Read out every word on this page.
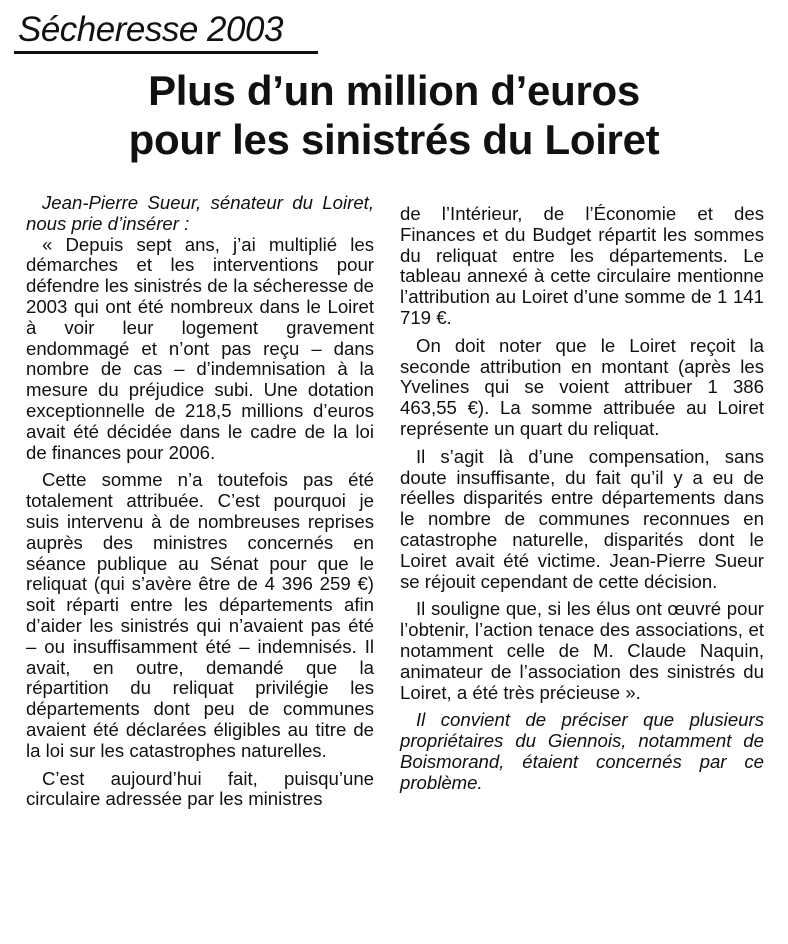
Sécheresse 2003
Plus d’un million d’euros
pour les sinistrés du Loiret

Jean-Pierre Sueur, sénateur du Loiret, nous prie d’insérer :

« Depuis sept ans, j’ai multiplié les démarches et les interventions pour défendre les sinistrés de la sécheresse de 2003 qui ont été nombreux dans le Loiret à voir leur logement gravement endommagé et n’ont pas reçu – dans nombre de cas – d’indemnisation à la mesure du préjudice subi. Une dotation exceptionnelle de 218,5 millions d’euros avait été décidée dans le cadre de la loi de finances pour 2006.

Cette somme n’a toutefois pas été totalement attribuée. C’est pourquoi je suis intervenu à de nombreuses reprises auprès des ministres concernés en séance publique au Sénat pour que le reliquat (qui s’avère être de 4 396 259 €) soit réparti entre les départements afin d’aider les sinistrés qui n’avaient pas été – ou insuffisamment été – indemnisés. Il avait, en outre, demandé que la répartition du reliquat privilégie les départements dont peu de communes avaient été déclarées éligibles au titre de la loi sur les catastrophes naturelles.

C’est aujourd’hui fait, puisqu’une circulaire adressée par les ministres

de l’Intérieur, de l’Économie et des Finances et du Budget répartit les sommes du reliquat entre les départements. Le tableau annexé à cette circulaire mentionne l’attribution au Loiret d’une somme de 1 141 719 €.

On doit noter que le Loiret reçoit la seconde attribution en montant (après les Yvelines qui se voient attribuer 1 386 463,55 €). La somme attribuée au Loiret représente un quart du reliquat.

Il s’agit là d’une compensation, sans doute insuffisante, du fait qu’il y a eu de réelles disparités entre départements dans le nombre de communes reconnues en catastrophe naturelle, disparités dont le Loiret avait été victime. Jean-Pierre Sueur se réjouit cependant de cette décision.

Il souligne que, si les élus ont œuvré pour l’obtenir, l’action tenace des associations, et notamment celle de M. Claude Naquin, animateur de l’association des sinistrés du Loiret, a été très précieuse ».

Il convient de préciser que plusieurs propriétaires du Giennois, notamment de Boismorand, étaient concernés par ce problème.
